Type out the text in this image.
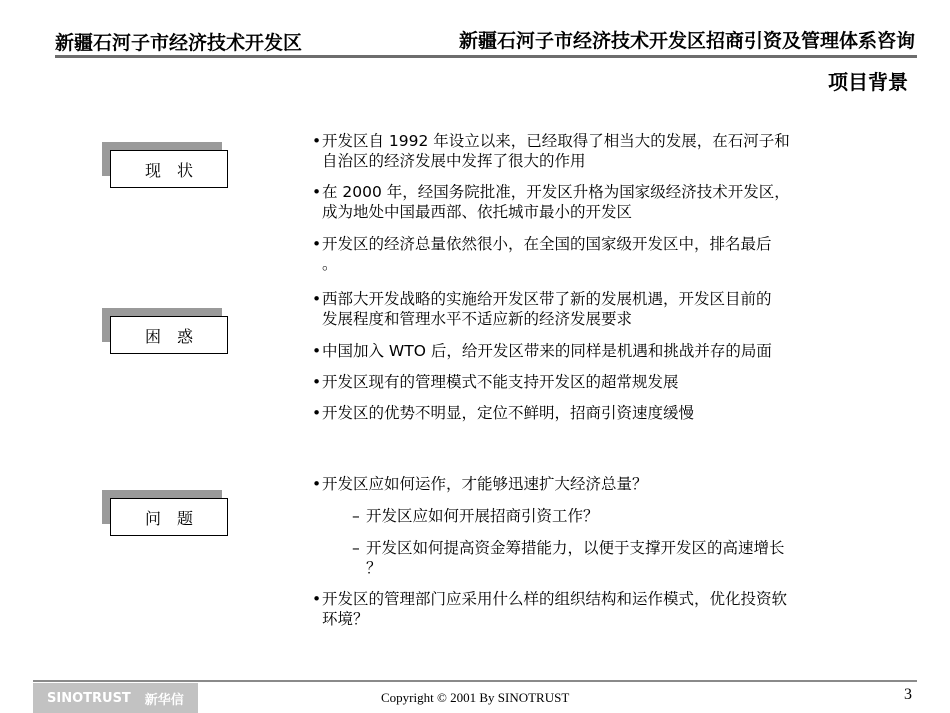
新疆石河子市经济技术开发区	新疆石河子市经济技术开发区招商引资及管理体系咨询
项目背景
现　状
困　惑
问　题
•开发区自 1992 年设立以来，已经取得了相当大的发展，在石河子和
自治区的经济发展中发挥了很大的作用
•在 2000 年，经国务院批准，开发区升格为国家级经济技术开发区，
成为地处中国最西部、依托城市最小的开发区
•开发区的经济总量依然很小，在全国的国家级开发区中，排名最后
。
•西部大开发战略的实施给开发区带了新的发展机遇，开发区目前的
发展程度和管理水平不适应新的经济发展要求
•中国加入 WTO 后，给开发区带来的同样是机遇和挑战并存的局面
•开发区现有的管理模式不能支持开发区的超常规发展
•开发区的优势不明显，定位不鲜明，招商引资速度缓慢
•开发区应如何运作，才能够迅速扩大经济总量？
– 开发区应如何开展招商引资工作？
– 开发区如何提高资金筹措能力，以便于支撑开发区的高速增长
？
•开发区的管理部门应采用什么样的组织结构和运作模式，优化投资软
环境？
SINOTRUST 新华信	Copyright © 2001 By SINOTRUST	3
